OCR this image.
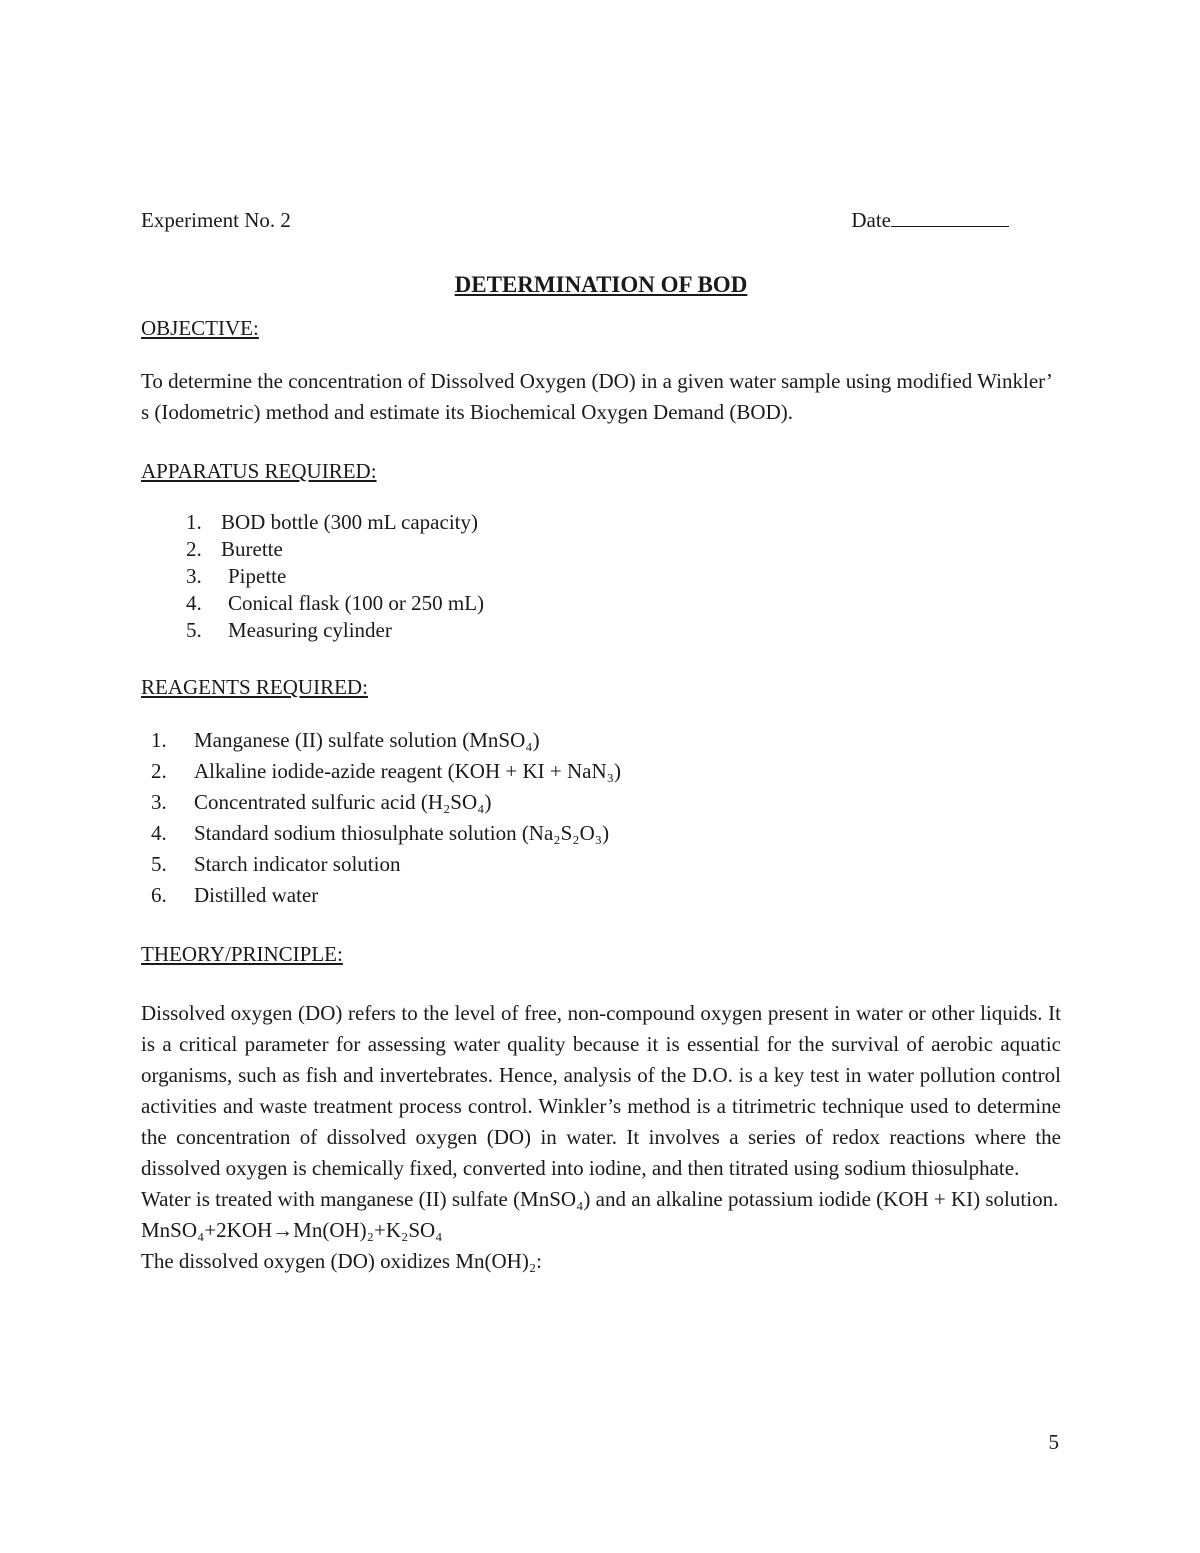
Experiment No. 2	Date
DETERMINATION OF BOD

OBJECTIVE:

To determine the concentration of Dissolved Oxygen (DO) in a given water sample using modified Winkler’ s (Iodometric) method and estimate its Biochemical Oxygen Demand (BOD).

APPARATUS REQUIRED:

1. BOD bottle (300 mL capacity)
2. Burette
3.	Pipette
4.	Conical flask (100 or 250 mL)
5.	Measuring cylinder

REAGENTS REQUIRED:

1.	Manganese (II) sulfate solution (MnSO₄)
2.	Alkaline iodide-azide reagent (KOH + KI + NaN₃)
3.	Concentrated sulfuric acid (H₂SO₄)
4.	Standard sodium thiosulphate solution (Na₂S₂O₃)
5.	Starch indicator solution
6.	Distilled water

THEORY/PRINCIPLE:

Dissolved oxygen (DO) refers to the level of free, non-compound oxygen present in water or other liquids. It is a critical parameter for assessing water quality because it is essential for the survival of aerobic aquatic organisms, such as fish and invertebrates. Hence, analysis of the D.O. is a key test in water pollution control activities and waste treatment process control. Winkler’s method is a titrimetric technique used to determine the concentration of dissolved oxygen (DO) in water. It involves a series of redox reactions where the dissolved oxygen is chemically fixed, converted into iodine, and then titrated using sodium thiosulphate.

Water is treated with manganese (II) sulfate (MnSO₄) and an alkaline potassium iodide (KOH + KI) solution.

MnSO₄+2KOH→Mn(OH)₂+K₂SO₄

The dissolved oxygen (DO) oxidizes Mn(OH)₂:

5
